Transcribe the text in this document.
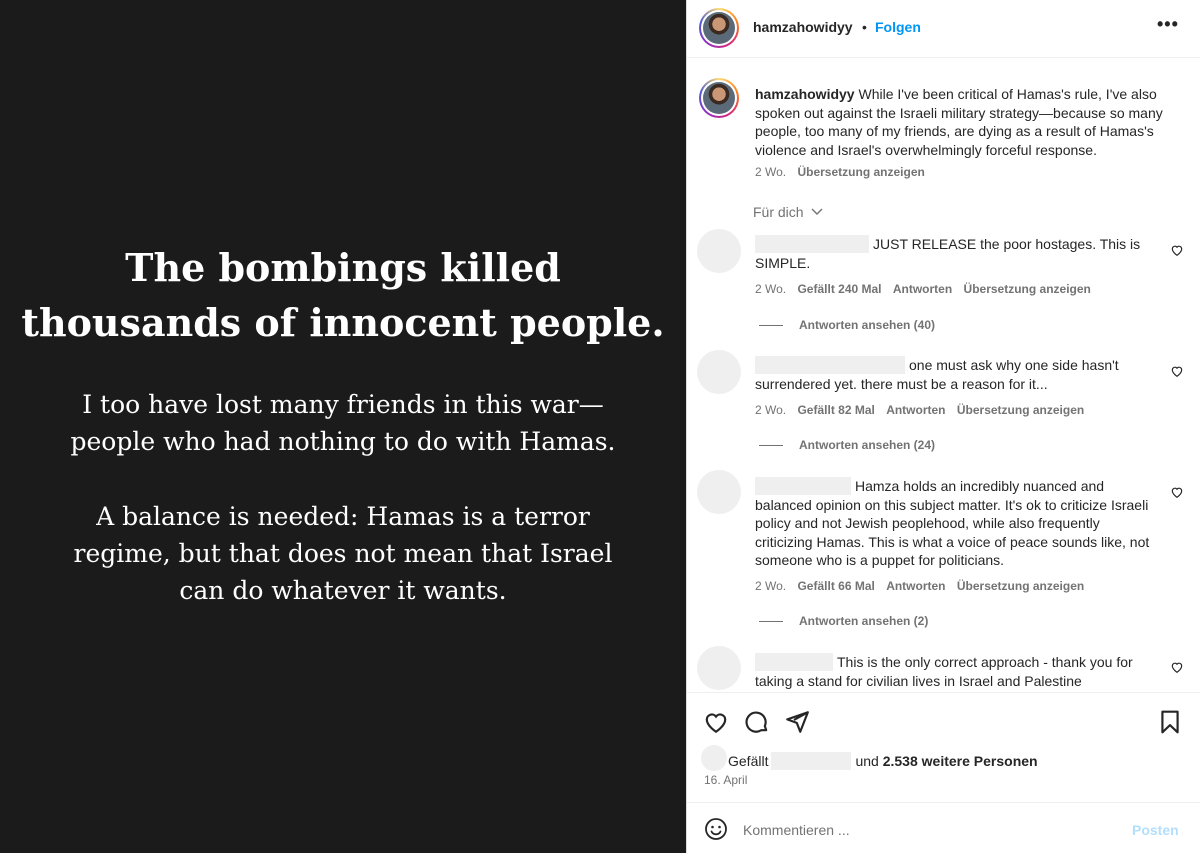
The bombings killed
thousands of innocent people.
I too have lost many friends in this war—
people who had nothing to do with Hamas.
A balance is needed: Hamas is a terror
regime, but that does not mean that Israel
can do whatever it wants.
hamzahowidyy • Folgen	•••
hamzahowidyy While I've been critical of Hamas's rule, I've also spoken out against the Israeli military strategy—because so many people, too many of my friends, are dying as a result of Hamas's violence and Israel's overwhelmingly forceful response.
2 Wo. Übersetzung anzeigen
Für dich
JUST RELEASE the poor hostages. This is SIMPLE.
2 Wo. Gefällt 240 Mal Antworten Übersetzung anzeigen
Antworten ansehen (40)
one must ask why one side hasn't surrendered yet. there must be a reason for it...
2 Wo. Gefällt 82 Mal Antworten Übersetzung anzeigen
Antworten ansehen (24)
Hamza holds an incredibly nuanced and balanced opinion on this subject matter. It's ok to criticize Israeli policy and not Jewish peoplehood, while also frequently criticizing Hamas. This is what a voice of peace sounds like, not someone who is a puppet for politicians.
2 Wo. Gefällt 66 Mal Antworten Übersetzung anzeigen
Antworten ansehen (2)
This is the only correct approach - thank you for taking a stand for civilian lives in Israel and Palestine
Gefällt	und 2.538 weitere Personen
16. April
Kommentieren ...
Posten
